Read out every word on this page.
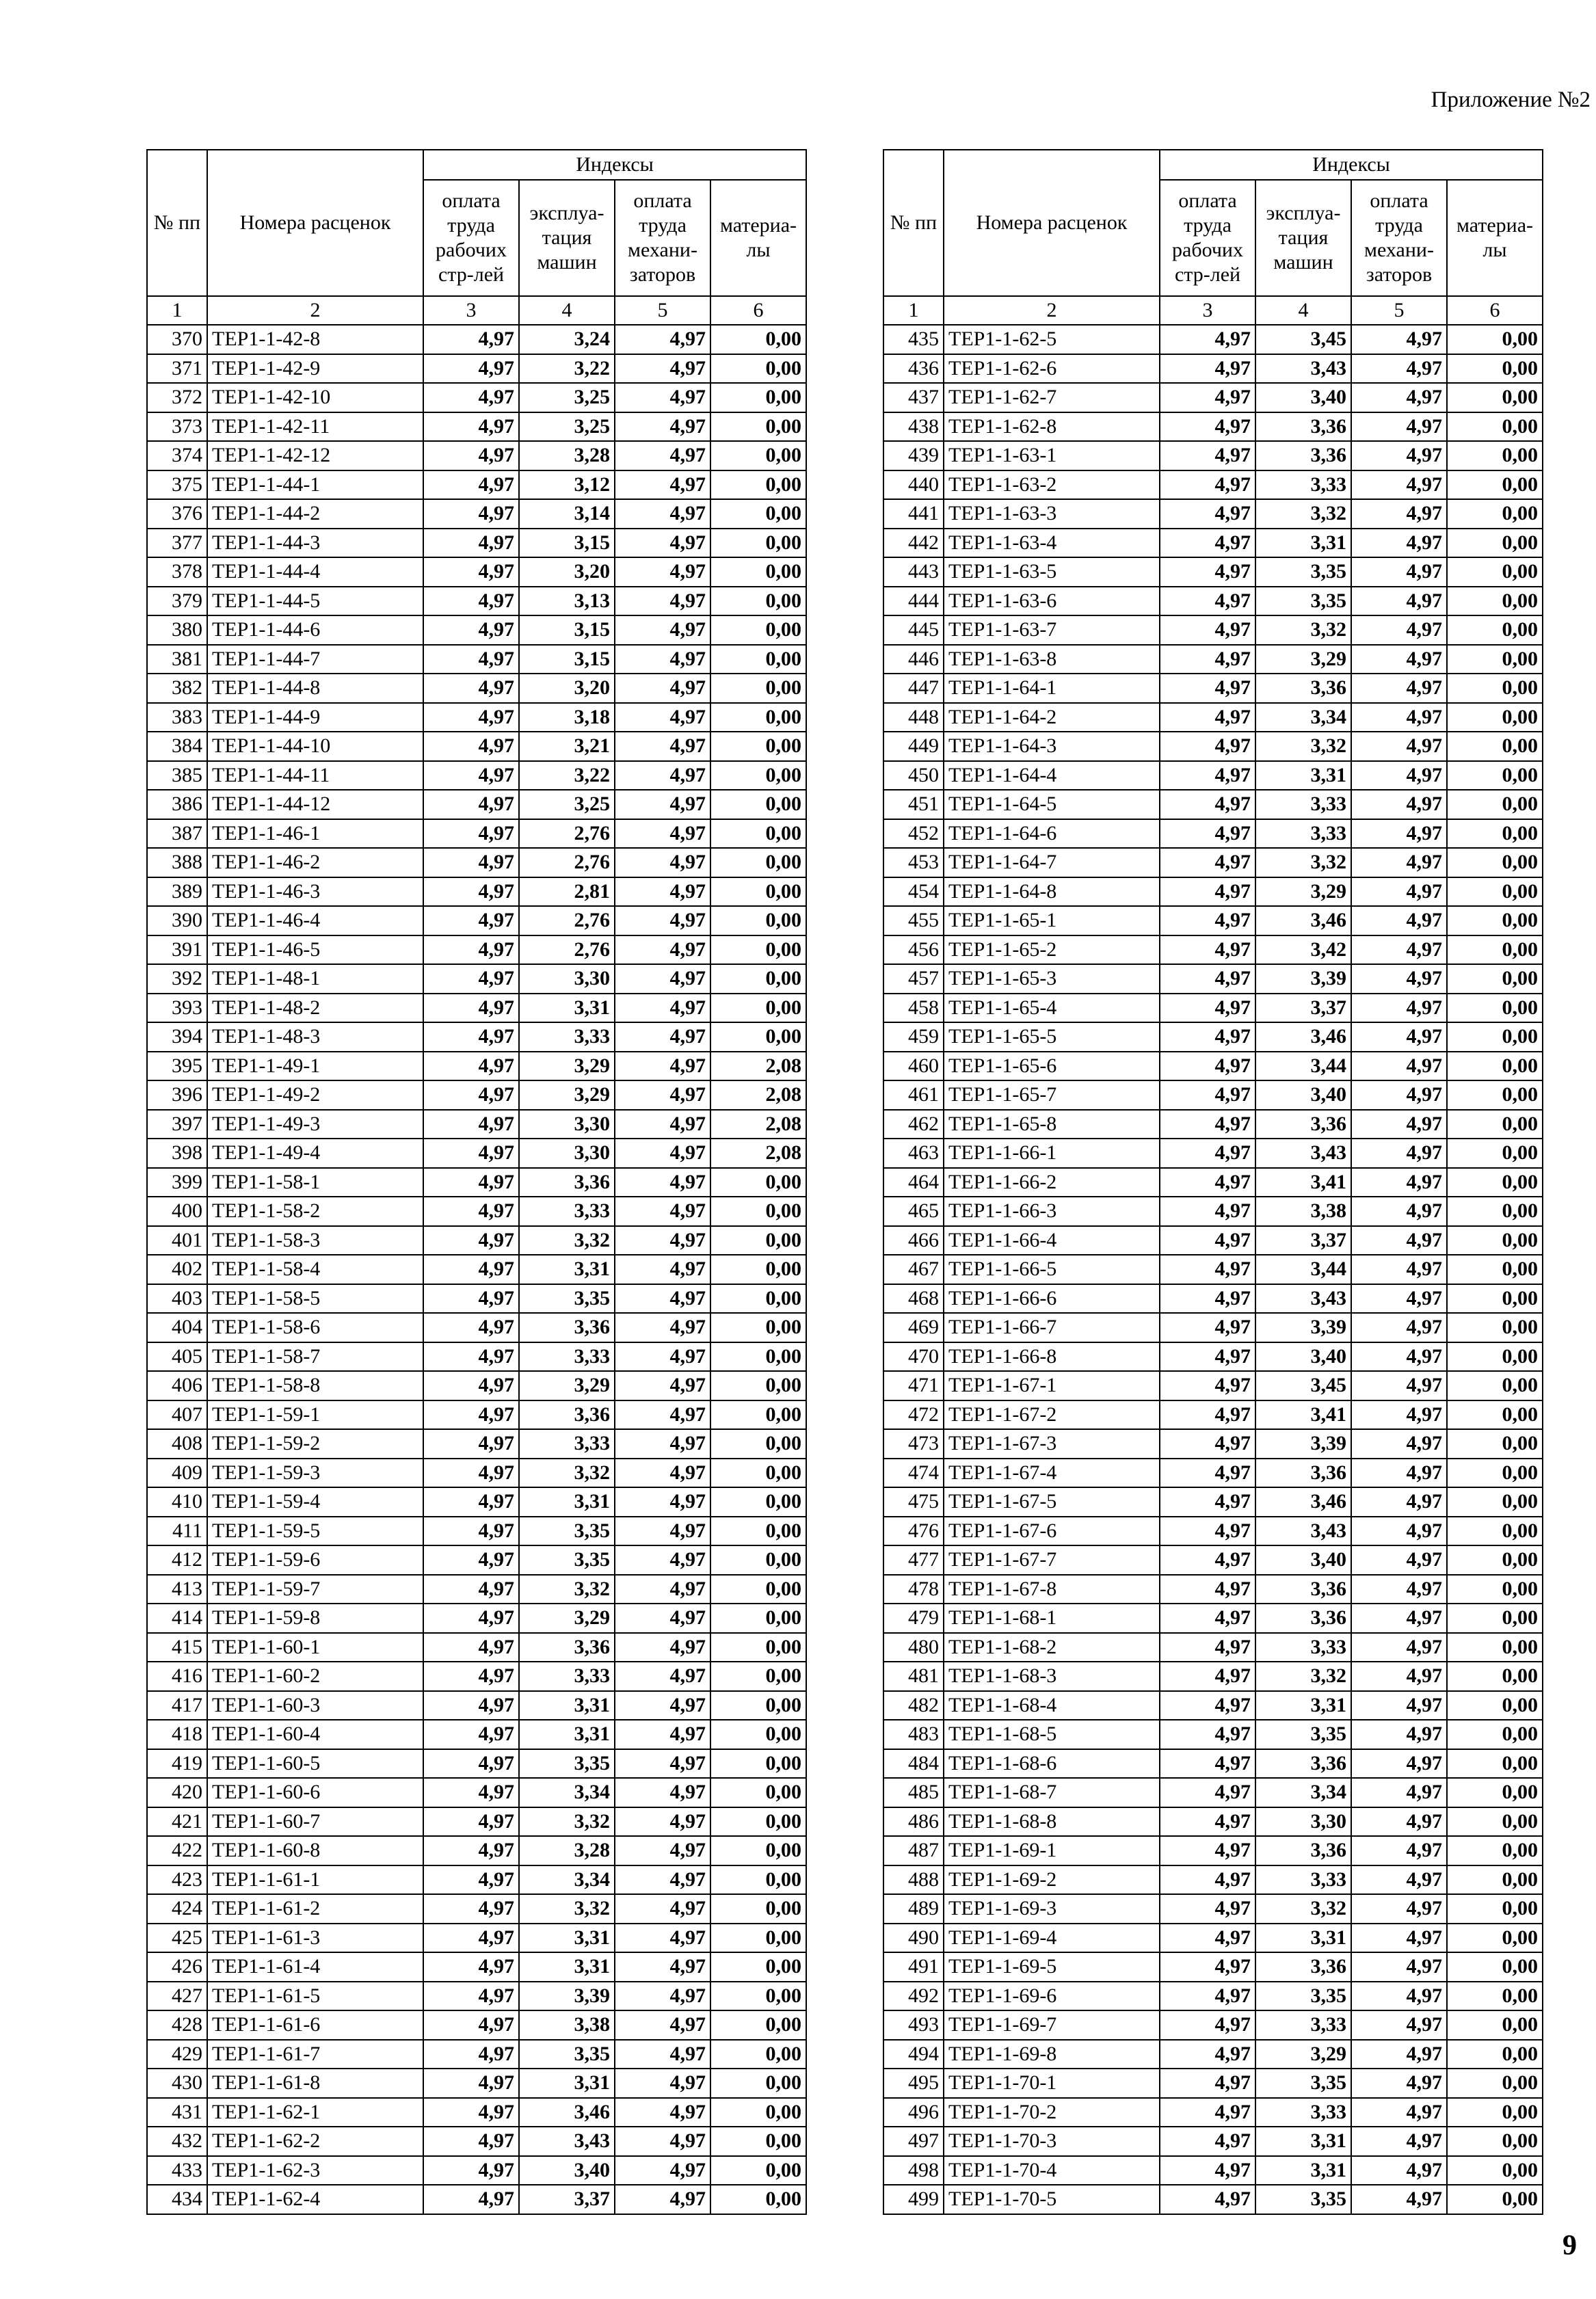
Приложение №2
№ пп	Номера расценок	Индексы			
		оплата труда рабочих стр-лей	эксплуа-тация машин	оплата труда механи-заторов	материа-лы
1	2	3	4	5	6
370	ТЕР1-1-42-8	4,97	3,24	4,97	0,00
371	ТЕР1-1-42-9	4,97	3,22	4,97	0,00
372	ТЕР1-1-42-10	4,97	3,25	4,97	0,00
373	ТЕР1-1-42-11	4,97	3,25	4,97	0,00
374	ТЕР1-1-42-12	4,97	3,28	4,97	0,00
375	ТЕР1-1-44-1	4,97	3,12	4,97	0,00
376	ТЕР1-1-44-2	4,97	3,14	4,97	0,00
377	ТЕР1-1-44-3	4,97	3,15	4,97	0,00
378	ТЕР1-1-44-4	4,97	3,20	4,97	0,00
379	ТЕР1-1-44-5	4,97	3,13	4,97	0,00
380	ТЕР1-1-44-6	4,97	3,15	4,97	0,00
381	ТЕР1-1-44-7	4,97	3,15	4,97	0,00
382	ТЕР1-1-44-8	4,97	3,20	4,97	0,00
383	ТЕР1-1-44-9	4,97	3,18	4,97	0,00
384	ТЕР1-1-44-10	4,97	3,21	4,97	0,00
385	ТЕР1-1-44-11	4,97	3,22	4,97	0,00
386	ТЕР1-1-44-12	4,97	3,25	4,97	0,00
387	ТЕР1-1-46-1	4,97	2,76	4,97	0,00
388	ТЕР1-1-46-2	4,97	2,76	4,97	0,00
389	ТЕР1-1-46-3	4,97	2,81	4,97	0,00
390	ТЕР1-1-46-4	4,97	2,76	4,97	0,00
391	ТЕР1-1-46-5	4,97	2,76	4,97	0,00
392	ТЕР1-1-48-1	4,97	3,30	4,97	0,00
393	ТЕР1-1-48-2	4,97	3,31	4,97	0,00
394	ТЕР1-1-48-3	4,97	3,33	4,97	0,00
395	ТЕР1-1-49-1	4,97	3,29	4,97	2,08
396	ТЕР1-1-49-2	4,97	3,29	4,97	2,08
397	ТЕР1-1-49-3	4,97	3,30	4,97	2,08
398	ТЕР1-1-49-4	4,97	3,30	4,97	2,08
399	ТЕР1-1-58-1	4,97	3,36	4,97	0,00
400	ТЕР1-1-58-2	4,97	3,33	4,97	0,00
401	ТЕР1-1-58-3	4,97	3,32	4,97	0,00
402	ТЕР1-1-58-4	4,97	3,31	4,97	0,00
403	ТЕР1-1-58-5	4,97	3,35	4,97	0,00
404	ТЕР1-1-58-6	4,97	3,36	4,97	0,00
405	ТЕР1-1-58-7	4,97	3,33	4,97	0,00
406	ТЕР1-1-58-8	4,97	3,29	4,97	0,00
407	ТЕР1-1-59-1	4,97	3,36	4,97	0,00
408	ТЕР1-1-59-2	4,97	3,33	4,97	0,00
409	ТЕР1-1-59-3	4,97	3,32	4,97	0,00
410	ТЕР1-1-59-4	4,97	3,31	4,97	0,00
411	ТЕР1-1-59-5	4,97	3,35	4,97	0,00
412	ТЕР1-1-59-6	4,97	3,35	4,97	0,00
413	ТЕР1-1-59-7	4,97	3,32	4,97	0,00
414	ТЕР1-1-59-8	4,97	3,29	4,97	0,00
415	ТЕР1-1-60-1	4,97	3,36	4,97	0,00
416	ТЕР1-1-60-2	4,97	3,33	4,97	0,00
417	ТЕР1-1-60-3	4,97	3,31	4,97	0,00
418	ТЕР1-1-60-4	4,97	3,31	4,97	0,00
419	ТЕР1-1-60-5	4,97	3,35	4,97	0,00
420	ТЕР1-1-60-6	4,97	3,34	4,97	0,00
421	ТЕР1-1-60-7	4,97	3,32	4,97	0,00
422	ТЕР1-1-60-8	4,97	3,28	4,97	0,00
423	ТЕР1-1-61-1	4,97	3,34	4,97	0,00
424	ТЕР1-1-61-2	4,97	3,32	4,97	0,00
425	ТЕР1-1-61-3	4,97	3,31	4,97	0,00
426	ТЕР1-1-61-4	4,97	3,31	4,97	0,00
427	ТЕР1-1-61-5	4,97	3,39	4,97	0,00
428	ТЕР1-1-61-6	4,97	3,38	4,97	0,00
429	ТЕР1-1-61-7	4,97	3,35	4,97	0,00
430	ТЕР1-1-61-8	4,97	3,31	4,97	0,00
431	ТЕР1-1-62-1	4,97	3,46	4,97	0,00
432	ТЕР1-1-62-2	4,97	3,43	4,97	0,00
433	ТЕР1-1-62-3	4,97	3,40	4,97	0,00
434	ТЕР1-1-62-4	4,97	3,37	4,97	0,00
№ пп	Номера расценок	Индексы			
		оплата труда рабочих стр-лей	эксплуа-тация машин	оплата труда механи-заторов	материа-лы
1	2	3	4	5	6
435	ТЕР1-1-62-5	4,97	3,45	4,97	0,00
436	ТЕР1-1-62-6	4,97	3,43	4,97	0,00
437	ТЕР1-1-62-7	4,97	3,40	4,97	0,00
438	ТЕР1-1-62-8	4,97	3,36	4,97	0,00
439	ТЕР1-1-63-1	4,97	3,36	4,97	0,00
440	ТЕР1-1-63-2	4,97	3,33	4,97	0,00
441	ТЕР1-1-63-3	4,97	3,32	4,97	0,00
442	ТЕР1-1-63-4	4,97	3,31	4,97	0,00
443	ТЕР1-1-63-5	4,97	3,35	4,97	0,00
444	ТЕР1-1-63-6	4,97	3,35	4,97	0,00
445	ТЕР1-1-63-7	4,97	3,32	4,97	0,00
446	ТЕР1-1-63-8	4,97	3,29	4,97	0,00
447	ТЕР1-1-64-1	4,97	3,36	4,97	0,00
448	ТЕР1-1-64-2	4,97	3,34	4,97	0,00
449	ТЕР1-1-64-3	4,97	3,32	4,97	0,00
450	ТЕР1-1-64-4	4,97	3,31	4,97	0,00
451	ТЕР1-1-64-5	4,97	3,33	4,97	0,00
452	ТЕР1-1-64-6	4,97	3,33	4,97	0,00
453	ТЕР1-1-64-7	4,97	3,32	4,97	0,00
454	ТЕР1-1-64-8	4,97	3,29	4,97	0,00
455	ТЕР1-1-65-1	4,97	3,46	4,97	0,00
456	ТЕР1-1-65-2	4,97	3,42	4,97	0,00
457	ТЕР1-1-65-3	4,97	3,39	4,97	0,00
458	ТЕР1-1-65-4	4,97	3,37	4,97	0,00
459	ТЕР1-1-65-5	4,97	3,46	4,97	0,00
460	ТЕР1-1-65-6	4,97	3,44	4,97	0,00
461	ТЕР1-1-65-7	4,97	3,40	4,97	0,00
462	ТЕР1-1-65-8	4,97	3,36	4,97	0,00
463	ТЕР1-1-66-1	4,97	3,43	4,97	0,00
464	ТЕР1-1-66-2	4,97	3,41	4,97	0,00
465	ТЕР1-1-66-3	4,97	3,38	4,97	0,00
466	ТЕР1-1-66-4	4,97	3,37	4,97	0,00
467	ТЕР1-1-66-5	4,97	3,44	4,97	0,00
468	ТЕР1-1-66-6	4,97	3,43	4,97	0,00
469	ТЕР1-1-66-7	4,97	3,39	4,97	0,00
470	ТЕР1-1-66-8	4,97	3,40	4,97	0,00
471	ТЕР1-1-67-1	4,97	3,45	4,97	0,00
472	ТЕР1-1-67-2	4,97	3,41	4,97	0,00
473	ТЕР1-1-67-3	4,97	3,39	4,97	0,00
474	ТЕР1-1-67-4	4,97	3,36	4,97	0,00
475	ТЕР1-1-67-5	4,97	3,46	4,97	0,00
476	ТЕР1-1-67-6	4,97	3,43	4,97	0,00
477	ТЕР1-1-67-7	4,97	3,40	4,97	0,00
478	ТЕР1-1-67-8	4,97	3,36	4,97	0,00
479	ТЕР1-1-68-1	4,97	3,36	4,97	0,00
480	ТЕР1-1-68-2	4,97	3,33	4,97	0,00
481	ТЕР1-1-68-3	4,97	3,32	4,97	0,00
482	ТЕР1-1-68-4	4,97	3,31	4,97	0,00
483	ТЕР1-1-68-5	4,97	3,35	4,97	0,00
484	ТЕР1-1-68-6	4,97	3,36	4,97	0,00
485	ТЕР1-1-68-7	4,97	3,34	4,97	0,00
486	ТЕР1-1-68-8	4,97	3,30	4,97	0,00
487	ТЕР1-1-69-1	4,97	3,36	4,97	0,00
488	ТЕР1-1-69-2	4,97	3,33	4,97	0,00
489	ТЕР1-1-69-3	4,97	3,32	4,97	0,00
490	ТЕР1-1-69-4	4,97	3,31	4,97	0,00
491	ТЕР1-1-69-5	4,97	3,36	4,97	0,00
492	ТЕР1-1-69-6	4,97	3,35	4,97	0,00
493	ТЕР1-1-69-7	4,97	3,33	4,97	0,00
494	ТЕР1-1-69-8	4,97	3,29	4,97	0,00
495	ТЕР1-1-70-1	4,97	3,35	4,97	0,00
496	ТЕР1-1-70-2	4,97	3,33	4,97	0,00
497	ТЕР1-1-70-3	4,97	3,31	4,97	0,00
498	ТЕР1-1-70-4	4,97	3,31	4,97	0,00
499	ТЕР1-1-70-5	4,97	3,35	4,97	0,00
9
